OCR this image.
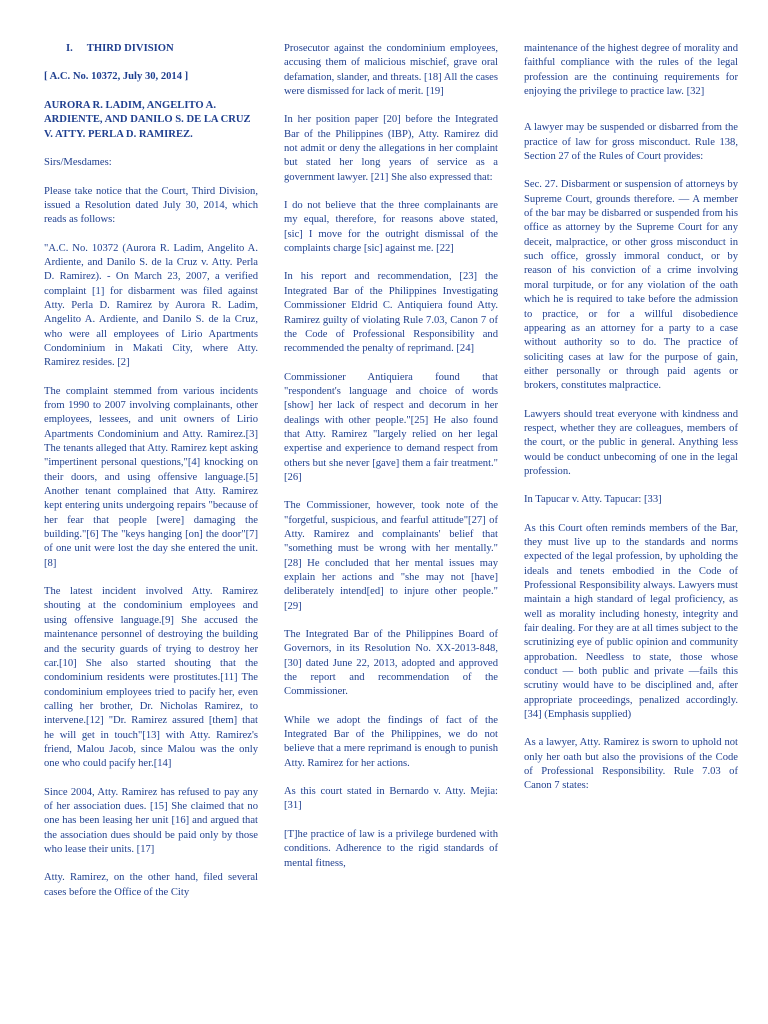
I. THIRD DIVISION

[ A.C. No. 10372, July 30, 2014 ]

AURORA R. LADIM, ANGELITO A. ARDIENTE, AND DANILO S. DE LA CRUZ V. ATTY. PERLA D. RAMIREZ.

Sirs/Mesdames:

Please take notice that the Court, Third Division, issued a Resolution dated July 30, 2014, which reads as follows:

"A.C. No. 10372 (Aurora R. Ladim, Angelito A. Ardiente, and Danilo S. de la Cruz v. Atty. Perla D. Ramirez). - On March 23, 2007, a verified complaint [1] for disbarment was filed against Atty. Perla D. Ramirez by Aurora R. Ladim, Angelito A. Ardiente, and Danilo S. de la Cruz, who were all employees of Lirio Apartments Condominium in Makati City, where Atty. Ramirez resides. [2]

The complaint stemmed from various incidents from 1990 to 2007 involving complainants, other employees, lessees, and unit owners of Lirio Apartments Condominium and Atty. Ramirez.[3] The tenants alleged that Atty. Ramirez kept asking "impertinent personal questions,"[4] knocking on their doors, and using offensive language.[5] Another tenant complained that Atty. Ramirez kept entering units undergoing repairs "because of her fear that people [were] damaging the building."[6] The "keys hanging [on] the door"[7] of one unit were lost the day she entered the unit.[8]

The latest incident involved Atty. Ramirez shouting at the condominium employees and using offensive language.[9] She accused the maintenance personnel of destroying the building and the security guards of trying to destroy her car.[10] She also started shouting that the condominium residents were prostitutes.[11] The condominium employees tried to pacify her, even calling her brother, Dr. Nicholas Ramirez, to intervene.[12] "Dr. Ramirez assured [them] that he will get in touch"[13] with Atty. Ramirez's friend, Malou Jacob, since Malou was the only one who could pacify her.[14]

Since 2004, Atty. Ramirez has refused to pay any of her association dues. [15] She claimed that no one has been leasing her unit [16] and argued that the association dues should be paid only by those who lease their units. [17]

Atty. Ramirez, on the other hand, filed several cases before the Office of the City

Prosecutor against the condominium employees, accusing them of malicious mischief, grave oral defamation, slander, and threats. [18] All the cases were dismissed for lack of merit. [19]

In her position paper [20] before the Integrated Bar of the Philippines (IBP), Atty. Ramirez did not admit or deny the allegations in her complaint but stated her long years of service as a government lawyer. [21] She also expressed that:

I do not believe that the three complainants are my equal, therefore, for reasons above stated, [sic] I move for the outright dismissal of the complaints charge [sic] against me. [22]

In his report and recommendation, [23] the Integrated Bar of the Philippines Investigating Commissioner Eldrid C. Antiquiera found Atty. Ramirez guilty of violating Rule 7.03, Canon 7 of the Code of Professional Responsibility and recommended the penalty of reprimand. [24]

Commissioner Antiquiera found that "respondent's language and choice of words [show] her lack of respect and decorum in her dealings with other people."[25] He also found that Atty. Ramirez "largely relied on her legal expertise and experience to demand respect from others but she never [gave] them a fair treatment."[26]

The Commissioner, however, took note of the "forgetful, suspicious, and fearful attitude"[27] of Atty. Ramirez and complainants' belief that "something must be wrong with her mentally."[28] He concluded that her mental issues may explain her actions and "she may not [have] deliberately intend[ed] to injure other people."[29]

The Integrated Bar of the Philippines Board of Governors, in its Resolution No. XX-2013-848, [30] dated June 22, 2013, adopted and approved the report and recommendation of the Commissioner.

While we adopt the findings of fact of the Integrated Bar of the Philippines, we do not believe that a mere reprimand is enough to punish Atty. Ramirez for her actions.

As this court stated in Bernardo v. Atty. Mejia:[31]

[T]he practice of law is a privilege burdened with conditions. Adherence to the rigid standards of mental fitness,

maintenance of the highest degree of morality and faithful compliance with the rules of the legal profession are the continuing requirements for enjoying the privilege to practice law. [32]

A lawyer may be suspended or disbarred from the practice of law for gross misconduct. Rule 138, Section 27 of the Rules of Court provides:

Sec. 27. Disbarment or suspension of attorneys by Supreme Court, grounds therefore. — A member of the bar may be disbarred or suspended from his office as attorney by the Supreme Court for any deceit, malpractice, or other gross misconduct in such office, grossly immoral conduct, or by reason of his conviction of a crime involving moral turpitude, or for any violation of the oath which he is required to take before the admission to practice, or for a willful disobedience appearing as an attorney for a party to a case without authority so to do. The practice of soliciting cases at law for the purpose of gain, either personally or through paid agents or brokers, constitutes malpractice.

Lawyers should treat everyone with kindness and respect, whether they are colleagues, members of the court, or the public in general. Anything less would be conduct unbecoming of one in the legal profession.

In Tapucar v. Atty. Tapucar: [33]

As this Court often reminds members of the Bar, they must live up to the standards and norms expected of the legal profession, by upholding the ideals and tenets embodied in the Code of Professional Responsibility always. Lawyers must maintain a high standard of legal proficiency, as well as morality including honesty, integrity and fair dealing. For they are at all times subject to the scrutinizing eye of public opinion and community approbation. Needless to state, those whose conduct — both public and private —fails this scrutiny would have to be disciplined and, after appropriate proceedings, penalized accordingly. [34] (Emphasis supplied)

As a lawyer, Atty. Ramirez is sworn to uphold not only her oath but also the provisions of the Code of Professional Responsibility. Rule 7.03 of Canon 7 states:
